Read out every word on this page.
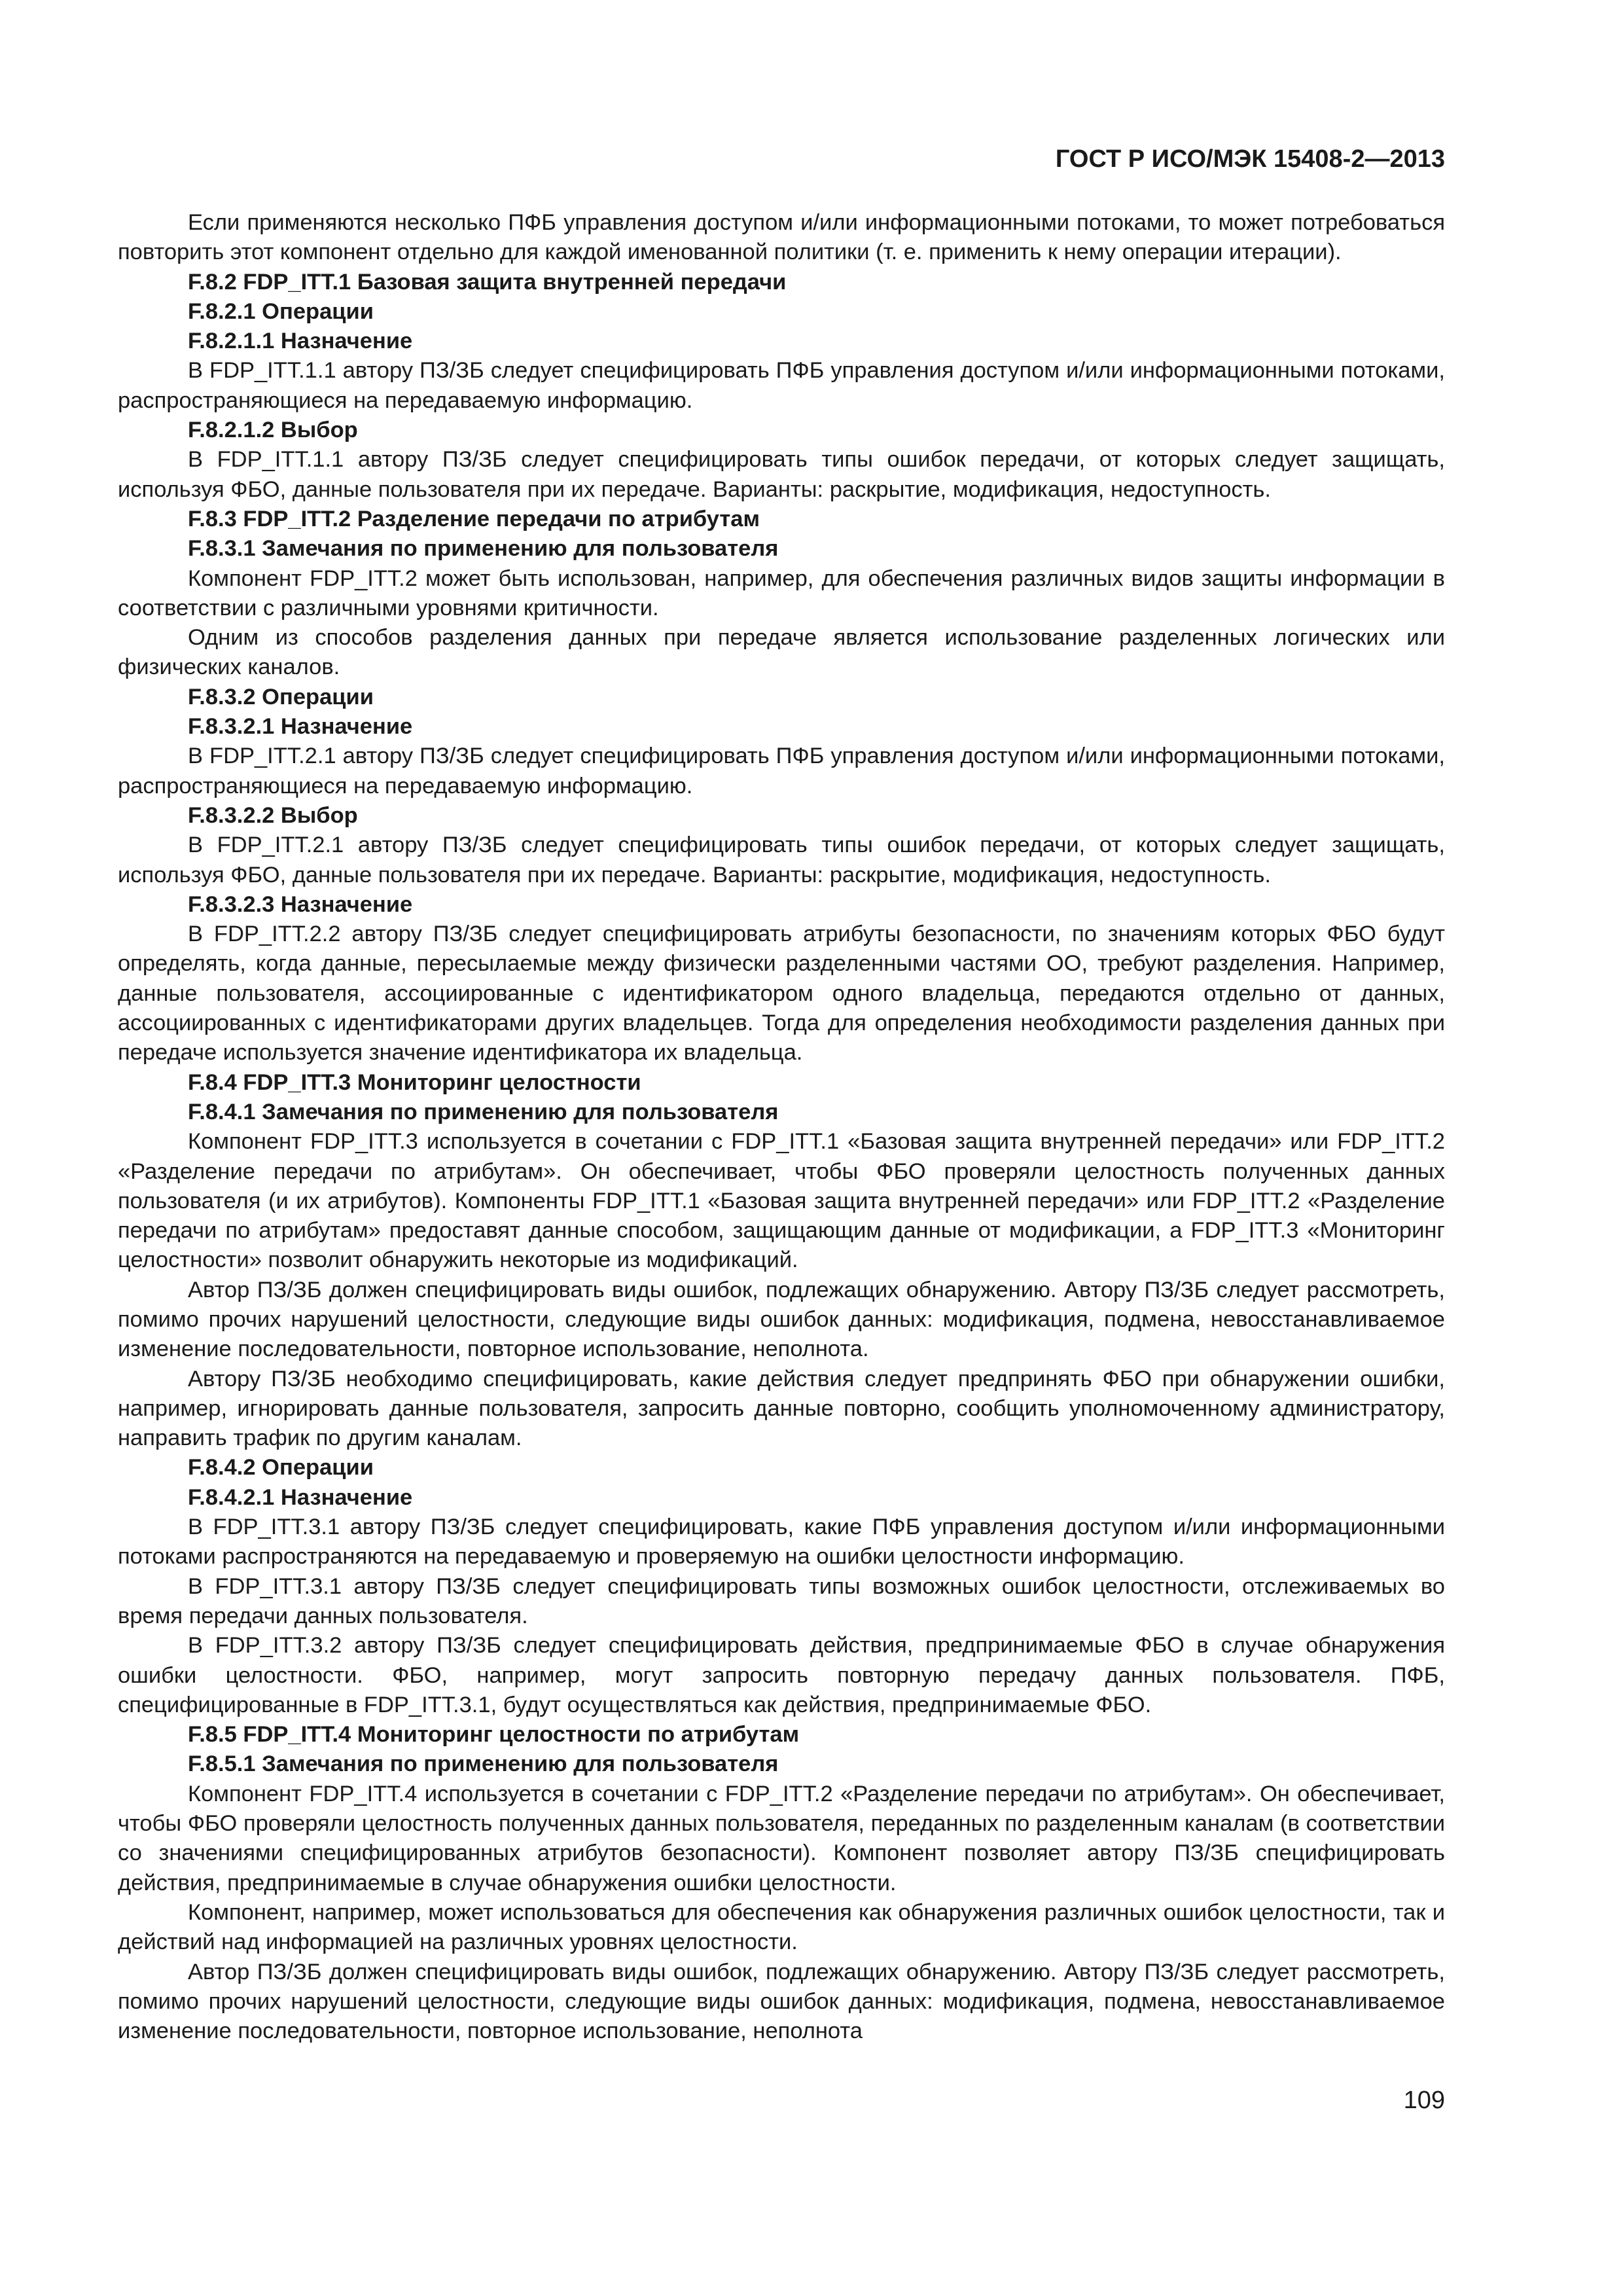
ГОСТ Р ИСО/МЭК 15408-2—2013

Если применяются несколько ПФБ управления доступом и/или информационными потоками, то может потребоваться повторить этот компонент отдельно для каждой именованной политики (т. е. применить к нему операции итерации).

F.8.2 FDP_ITT.1 Базовая защита внутренней передачи

F.8.2.1 Операции

F.8.2.1.1 Назначение

В FDP_ITT.1.1 автору ПЗ/ЗБ следует специфицировать ПФБ управления доступом и/или информационными потоками, распространяющиеся на передаваемую информацию.

F.8.2.1.2 Выбор

В FDP_ITT.1.1 автору ПЗ/ЗБ следует специфицировать типы ошибок передачи, от которых следует защищать, используя ФБО, данные пользователя при их передаче. Варианты: раскрытие, модификация, недоступность.

F.8.3 FDP_ITT.2 Разделение передачи по атрибутам

F.8.3.1 Замечания по применению для пользователя

Компонент FDP_ITT.2 может быть использован, например, для обеспечения различных видов защиты информации в соответствии с различными уровнями критичности.

Одним из способов разделения данных при передаче является использование разделенных логических или физических каналов.

F.8.3.2 Операции

F.8.3.2.1 Назначение

В FDP_ITT.2.1 автору ПЗ/ЗБ следует специфицировать ПФБ управления доступом и/или информационными потоками, распространяющиеся на передаваемую информацию.

F.8.3.2.2 Выбор

В FDP_ITT.2.1 автору ПЗ/ЗБ следует специфицировать типы ошибок передачи, от которых следует защищать, используя ФБО, данные пользователя при их передаче. Варианты: раскрытие, модификация, недоступность.

F.8.3.2.3 Назначение

В FDP_ITT.2.2 автору ПЗ/ЗБ следует специфицировать атрибуты безопасности, по значениям которых ФБО будут определять, когда данные, пересылаемые между физически разделенными частями ОО, требуют разделения. Например, данные пользователя, ассоциированные с идентификатором одного владельца, передаются отдельно от данных, ассоциированных с идентификаторами других владельцев. Тогда для определения необходимости разделения данных при передаче используется значение идентификатора их владельца.

F.8.4 FDP_ITT.3 Мониторинг целостности

F.8.4.1 Замечания по применению для пользователя

Компонент FDP_ITT.3 используется в сочетании с FDP_ITT.1 «Базовая защита внутренней передачи» или FDP_ITT.2 «Разделение передачи по атрибутам». Он обеспечивает, чтобы ФБО проверяли целостность полученных данных пользователя (и их атрибутов). Компоненты FDP_ITT.1 «Базовая защита внутренней передачи» или FDP_ITT.2 «Разделение передачи по атрибутам» предоставят данные способом, защищающим данные от модификации, а FDP_ITT.3 «Мониторинг целостности» позволит обнаружить некоторые из модификаций.

Автор ПЗ/ЗБ должен специфицировать виды ошибок, подлежащих обнаружению. Автору ПЗ/ЗБ следует рассмотреть, помимо прочих нарушений целостности, следующие виды ошибок данных: модификация, подмена, невосстанавливаемое изменение последовательности, повторное использование, неполнота.

Автору ПЗ/ЗБ необходимо специфицировать, какие действия следует предпринять ФБО при обнаружении ошибки, например, игнорировать данные пользователя, запросить данные повторно, сообщить уполномоченному администратору, направить трафик по другим каналам.

F.8.4.2 Операции

F.8.4.2.1 Назначение

В FDP_ITT.3.1 автору ПЗ/ЗБ следует специфицировать, какие ПФБ управления доступом и/или информационными потоками распространяются на передаваемую и проверяемую на ошибки целостности информацию.

В FDP_ITT.3.1 автору ПЗ/ЗБ следует специфицировать типы возможных ошибок целостности, отслеживаемых во время передачи данных пользователя.

В FDP_ITT.3.2 автору ПЗ/ЗБ следует специфицировать действия, предпринимаемые ФБО в случае обнаружения ошибки целостности. ФБО, например, могут запросить повторную передачу данных пользователя. ПФБ, специфицированные в FDP_ITT.3.1, будут осуществляться как действия, предпринимаемые ФБО.

F.8.5 FDP_ITT.4 Мониторинг целостности по атрибутам

F.8.5.1 Замечания по применению для пользователя

Компонент FDP_ITT.4 используется в сочетании с FDP_ITT.2 «Разделение передачи по атрибутам». Он обеспечивает, чтобы ФБО проверяли целостность полученных данных пользователя, переданных по разделенным каналам (в соответствии со значениями специфицированных атрибутов безопасности). Компонент позволяет автору ПЗ/ЗБ специфицировать действия, предпринимаемые в случае обнаружения ошибки целостности.

Компонент, например, может использоваться для обеспечения как обнаружения различных ошибок целостности, так и действий над информацией на различных уровнях целостности.

Автор ПЗ/ЗБ должен специфицировать виды ошибок, подлежащих обнаружению. Автору ПЗ/ЗБ следует рассмотреть, помимо прочих нарушений целостности, следующие виды ошибок данных: модификация, подмена, невосстанавливаемое изменение последовательности, повторное использование, неполнота

109
